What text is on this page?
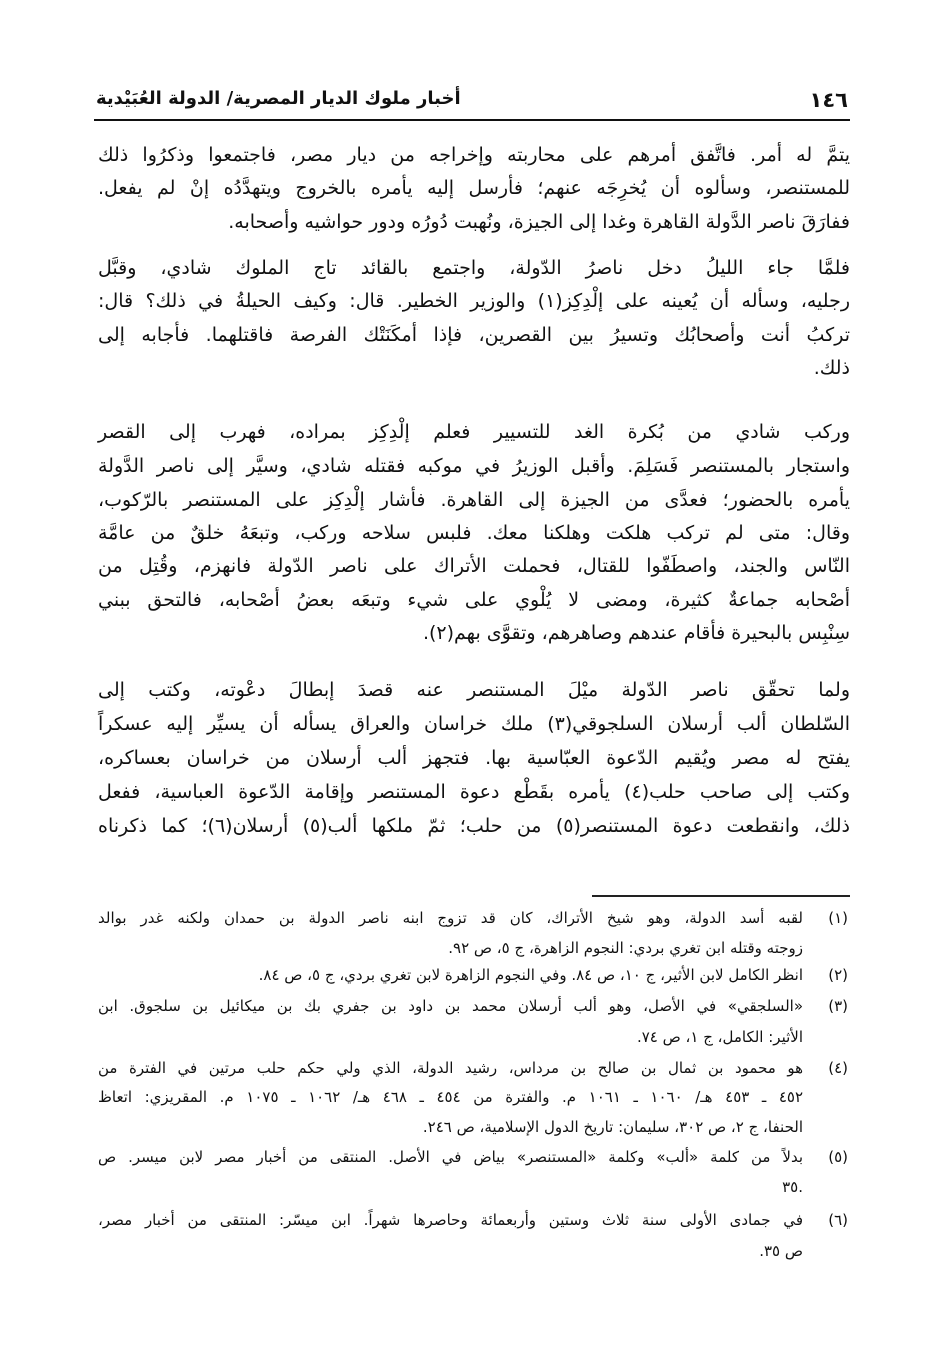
١٤٦
أخبار ملوك الديار المصرية/ الدولة العُبَيْدية
يتمَّ له أمر. فاتَّفق أمرهم على محاربته وإخراجه من ديار مصر، فاجتمعوا وذكرُوا ذلك
للمستنصر، وسألوه أن يُخرِجَه عنهم؛ فأرسل إليه يأمره بالخروج ويتهدَّدُه إنْ لم يفعل.
ففارَقَ ناصر الدَّولة القاهرة وغدا إلى الجيزة، ونُهبت دُورُه ودور حواشيه وأصحابه.
فلمَّا جاء الليلُ دخل ناصرُ الدّولة، واجتمع بالقائد تاج الملوك شادي، وقبَّل
رجليه، وسأله أن يُعينه على إلْدِكِز(١) والوزير الخطير. قال: وكيف الحيلةُ في ذلك؟ قال:
تركبُ أنت وأصحابُك وتسيرُ بين القصرين، فإذا أمكَنَتْك الفرصة فاقتلهما. فأجابه إلى
ذلك.
وركب شادي من بُكرة الغد للتسيير فعلم إلْدِكِز بمراده، فهرب إلى القصر
واستجار بالمستنصر فَسَلِمَ. وأقبل الوزيرُ في موكبه فقتله شادي، وسيَّر إلى ناصر الدَّولة
يأمره بالحضور؛ فعدَّى من الجيزة إلى القاهرة. فأشار إلْدِكِز على المستنصر بالرّكوب،
وقال: متى لم تركب هلكت وهلكنا معك. فلبس سلاحه وركب، وتبعَهُ خلقٌ من عامَّة
النّاس والجند، واصطَفّوا للقتال، فحملت الأتراك على ناصر الدّولة فانهزم، وقُتِل من
أصْحابه جماعةٌ كثيرة، ومضى لا يُلْوي على شيء وتبعَه بعضُ أصْحابه، فالتحق ببني
سِنْبِس بالبحيرة فأقام عندهم وصاهرهم، وتقوَّى بهم(٢).
ولما تحقّق ناصر الدّولة ميْلَ المستنصر عنه قصدَ إبطالَ دعْوته، وكتب إلى
السّلطان ألب أرسلان السلجوقي(٣) ملك خراسان والعراق يسأله أن يسيِّر إليه عسكراً
يفتح له مصر ويُقيم الدّعوة العبّاسية بها. فتجهز ألب أرسلان من خراسان بعساكره،
وكتب إلى صاحب حلب(٤) يأمره بقَطْع دعوة المستنصر وإقامة الدّعوة العباسية، ففعل
ذلك، وانقطعت دعوة المستنصر(٥) من حلب؛ ثمّ ملكها ألب(٥) أرسلان(٦)؛ كما ذكرناه
(١)
لقبه أسد الدولة، وهو شيخ الأتراك، كان قد تزوج ابنه ناصر الدولة بن حمدان ولكنه غدر بوالد
زوجته وقتله ابن تغري بردي: النجوم الزاهرة، ج ٥، ص ٩٢.
(٢)
انظر الكامل لابن الأثير، ج ١٠، ص ٨٤. وفي النجوم الزاهرة لابن تغري بردي، ج ٥، ص ٨٤.
(٣)
«السلجقي» في الأصل، وهو ألب أرسلان محمد بن داود بن جفري بك بن ميكائيل بن سلجوق. ابن
الأثير: الكامل، ج ١، ص ٧٤.
(٤)
هو محمود بن ثمال بن صالح بن مرداس، رشيد الدولة، الذي ولي حكم حلب مرتين في الفترة من
٤٥٢ ـ ٤٥٣ هـ/ ١٠٦٠ ـ ١٠٦١ م. والفترة من ٤٥٤ ـ ٤٦٨ هـ/ ١٠٦٢ ـ ١٠٧٥ م. المقريزي: اتعاظ
الحنفا، ج ٢، ص ٣٠٢، سليمان: تاريخ الدول الإسلامية، ص ٢٤٦.
(٥)
بدلاً من كلمة «ألب» وكلمة «المستنصر» بياض في الأصل. المنتقى من أخبار مصر لابن ميسر. ص
.٣٥
(٦)
في جمادى الأولى سنة ثلاث وستين وأربعمائة وحاصرها شهراً. ابن ميسّر: المنتقى من أخبار مصر،
ص ٣٥.
